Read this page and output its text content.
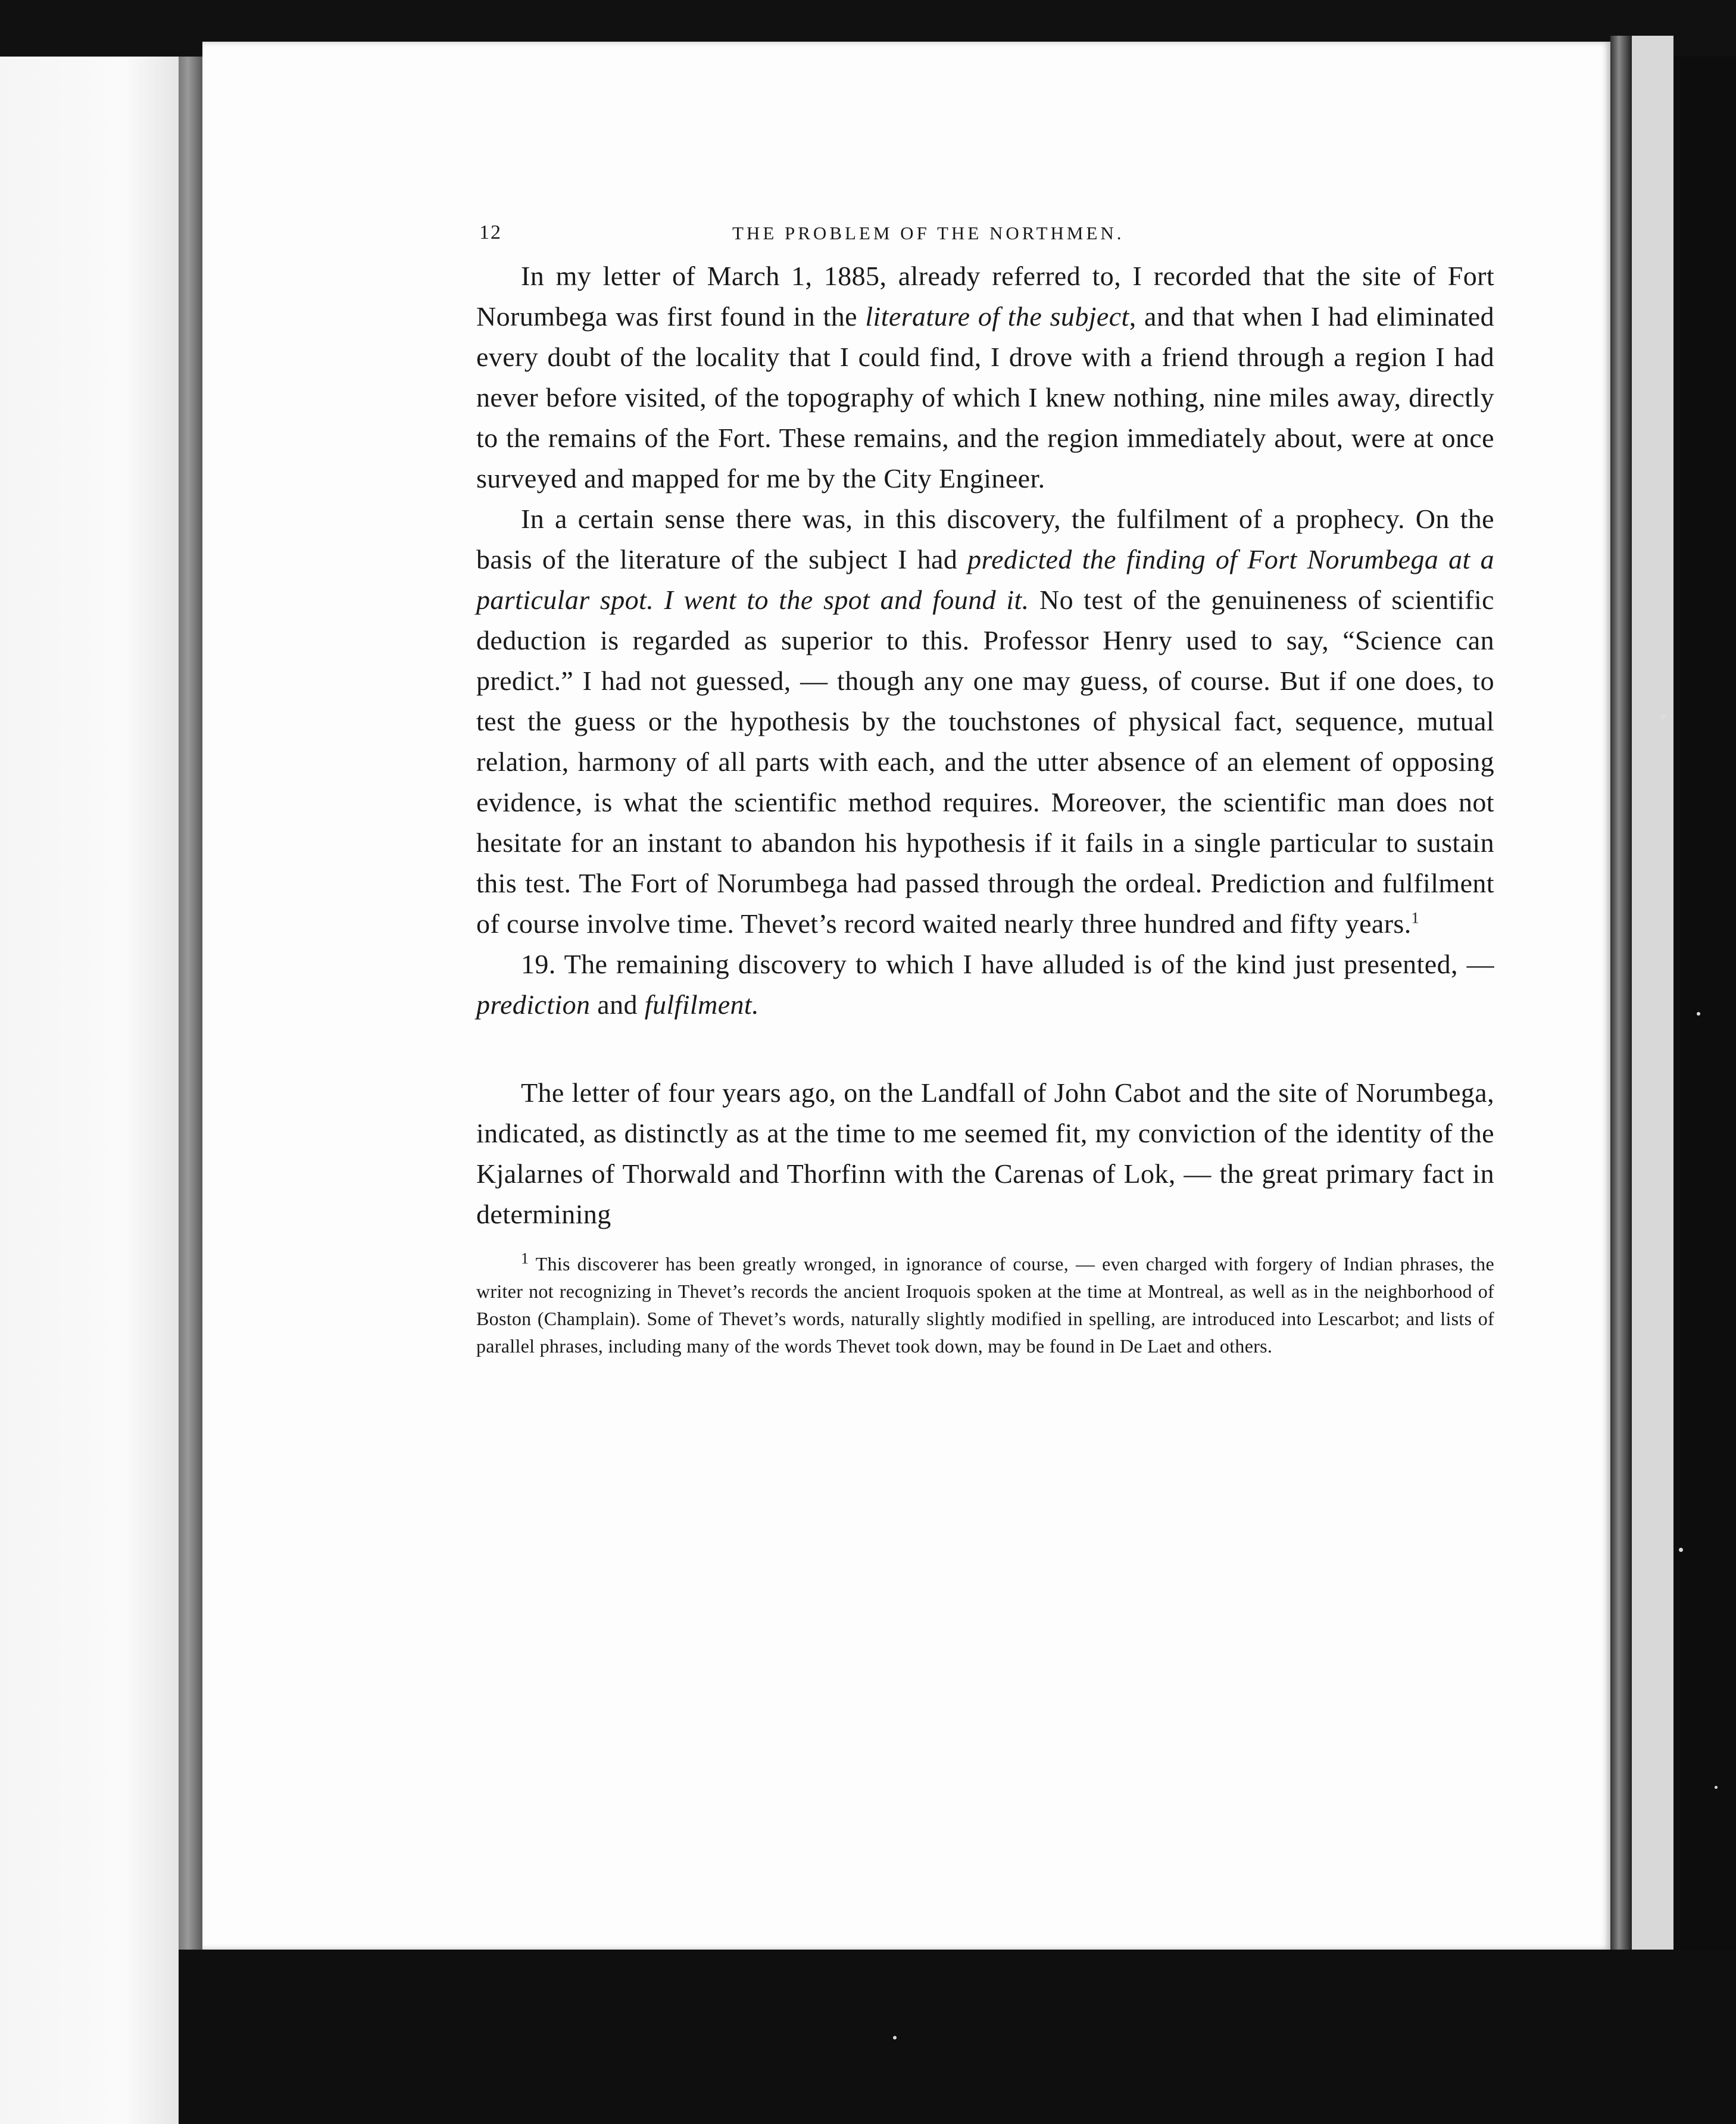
12	THE PROBLEM OF THE NORTHMEN.

In my letter of March 1, 1885, already referred to, I recorded that the site of Fort Norumbega was first found in the literature of the subject, and that when I had eliminated every doubt of the locality that I could find, I drove with a friend through a region I had never before visited, of the topography of which I knew nothing, nine miles away, directly to the remains of the Fort. These remains, and the region immediately about, were at once surveyed and mapped for me by the City Engineer.

In a certain sense there was, in this discovery, the fulfilment of a prophecy. On the basis of the literature of the subject I had predicted the finding of Fort Norumbega at a particular spot. I went to the spot and found it. No test of the genuineness of scientific deduction is regarded as superior to this. Professor Henry used to say, “Science can predict.” I had not guessed, — though any one may guess, of course. But if one does, to test the guess or the hypothesis by the touchstones of physical fact, sequence, mutual relation, harmony of all parts with each, and the utter absence of an element of opposing evidence, is what the scientific method requires. Moreover, the scientific man does not hesitate for an instant to abandon his hypothesis if it fails in a single particular to sustain this test. The Fort of Norumbega had passed through the ordeal. Prediction and fulfilment of course involve time. Thevet’s record waited nearly three hundred and fifty years.$^1$

19. The remaining discovery to which I have alluded is of the kind just presented, — prediction and fulfilment.

The letter of four years ago, on the Landfall of John Cabot and the site of Norumbega, indicated, as distinctly as at the time to me seemed fit, my conviction of the identity of the Kjalarnes of Thorwald and Thorfinn with the Carenas of Lok, — the great primary fact in determining

$^1$ This discoverer has been greatly wronged, in ignorance of course, — even charged with forgery of Indian phrases, the writer not recognizing in Thevet’s records the ancient Iroquois spoken at the time at Montreal, as well as in the neighborhood of Boston (Champlain). Some of Thevet’s words, naturally slightly modified in spelling, are introduced into Lescarbot; and lists of parallel phrases, including many of the words Thevet took down, may be found in De Laet and others.
